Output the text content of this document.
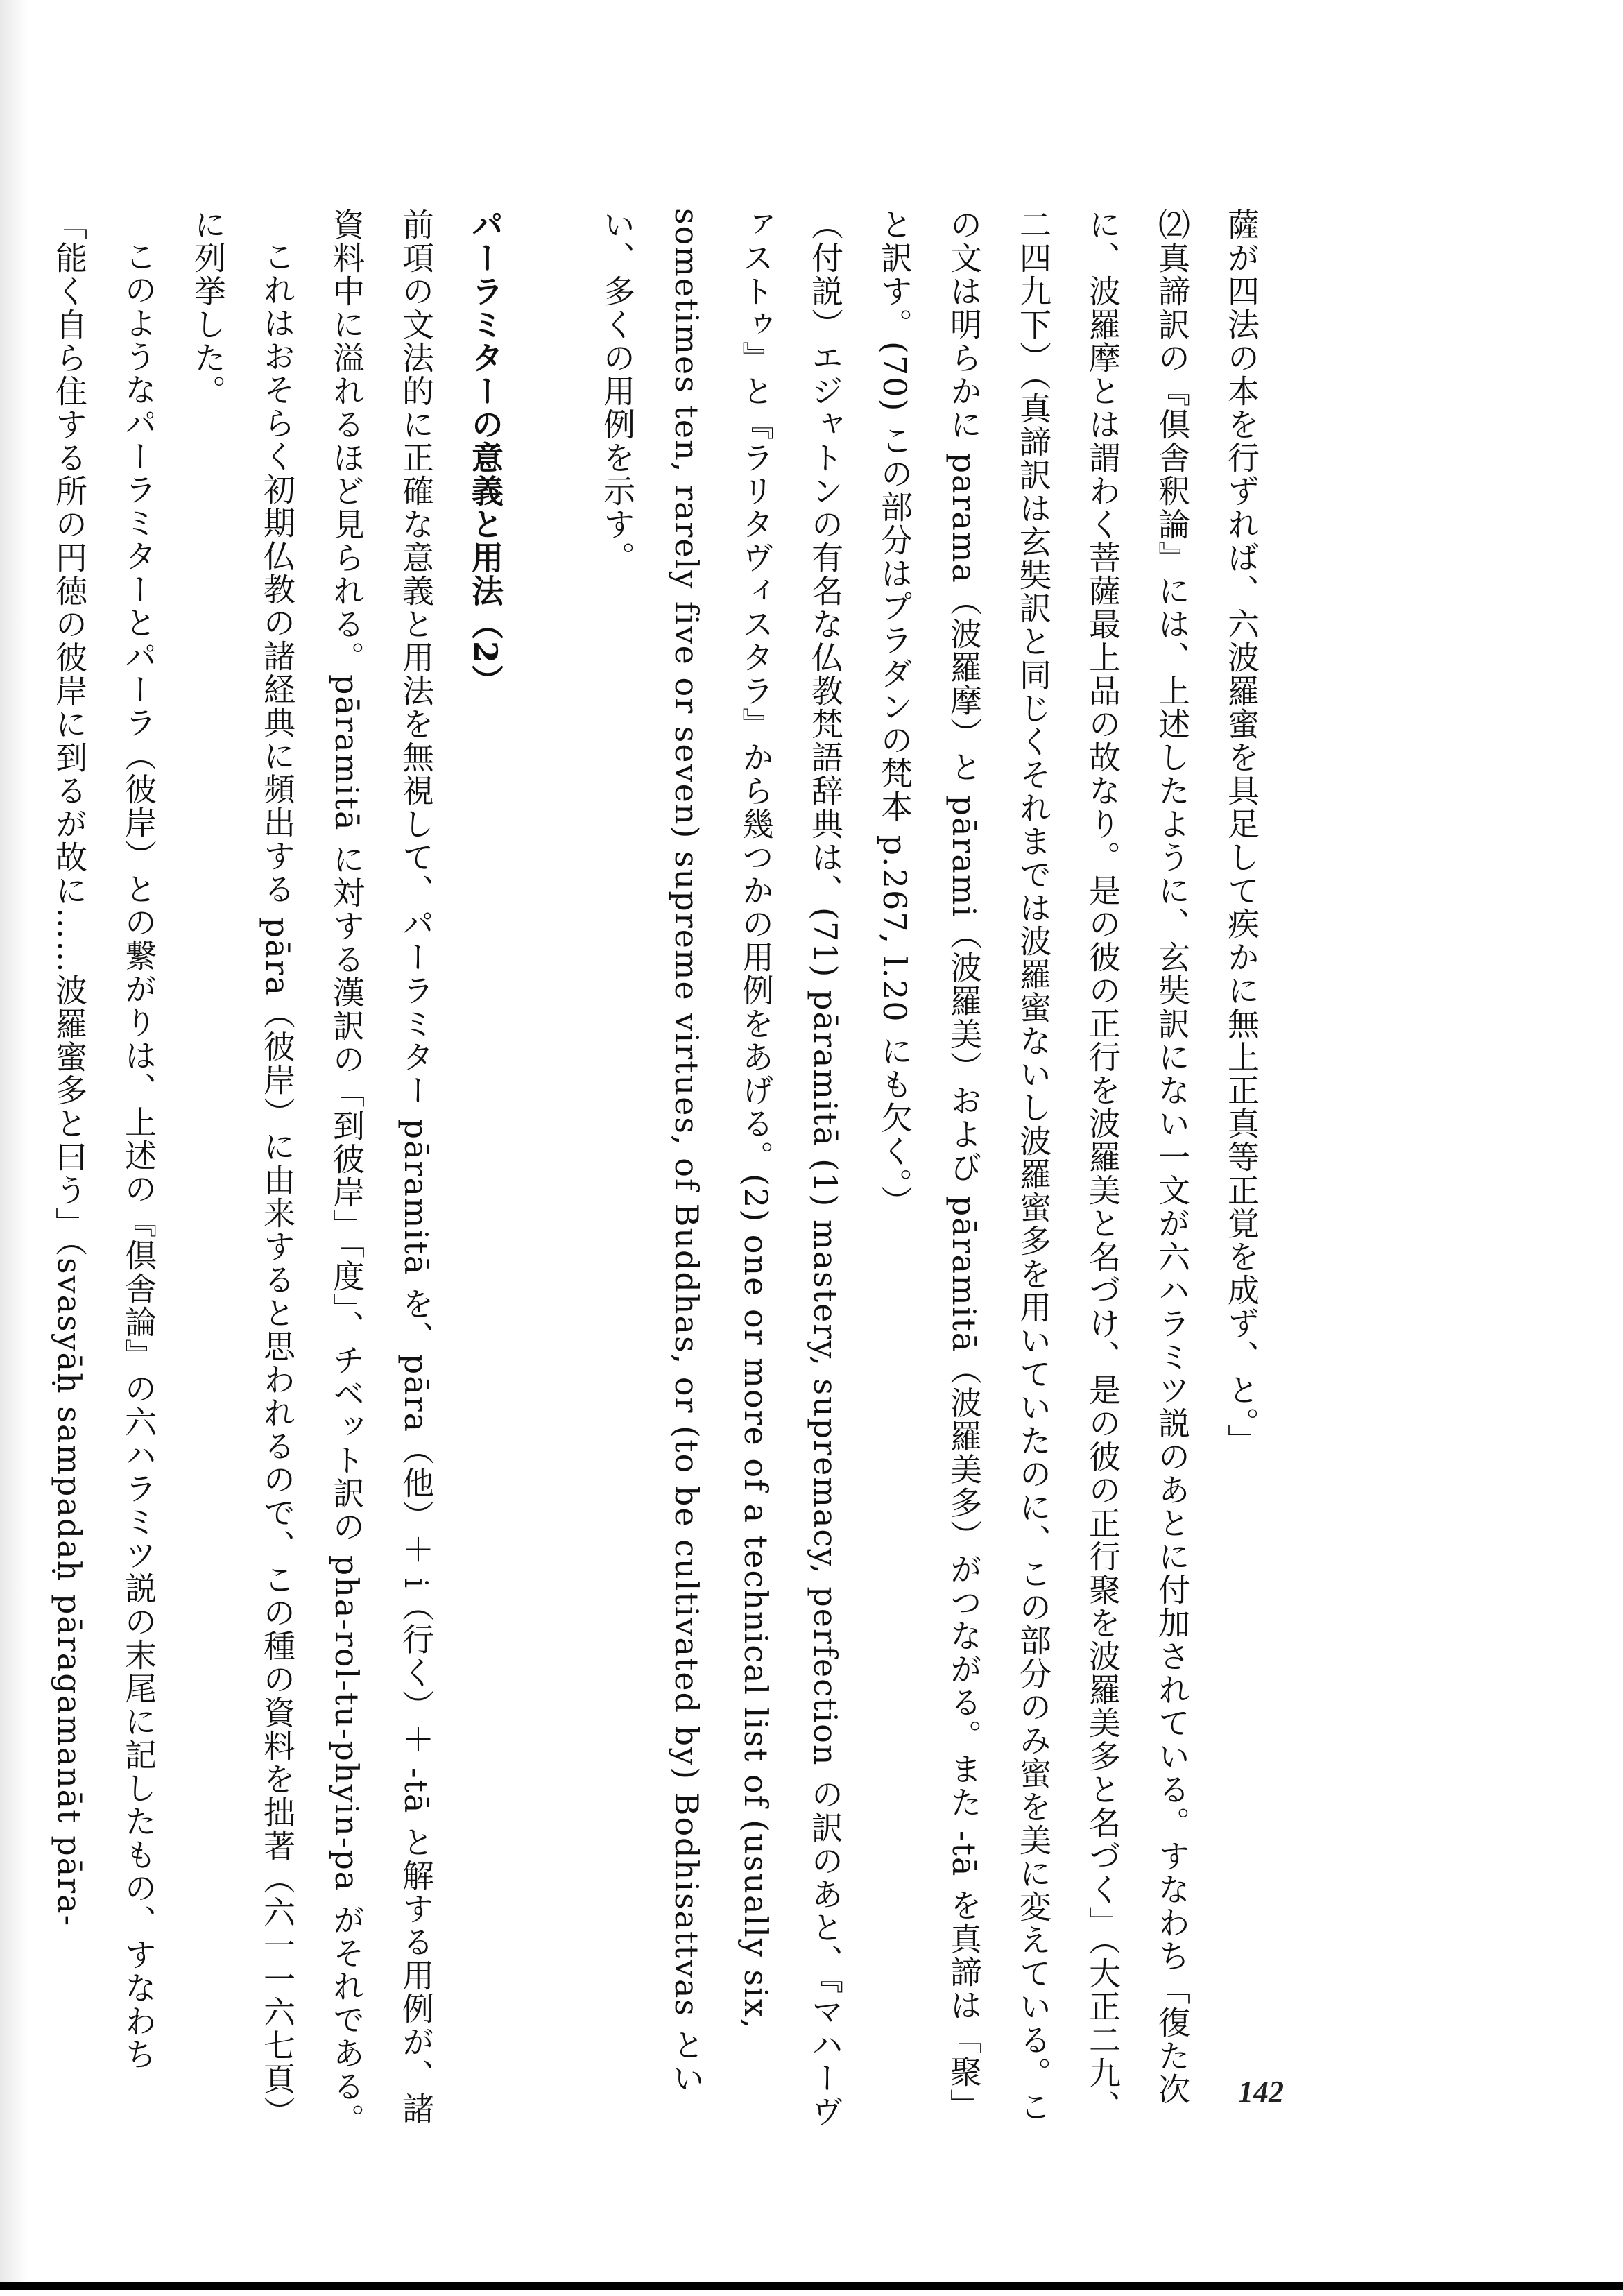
薩が四法の本を行ずれば、六波羅蜜を具足して疾かに無上正真等正覚を成ず、と。」

⑵真諦訳の『倶舎釈論』には、上述したように、玄奘訳にない一文が六ハラミツ説のあとに付加されている。すなわち「復た次に、波羅摩とは謂わく菩薩最上品の故なり。是の彼の正行を波羅美と名づけ、是の彼の正行聚を波羅美多と名づく」（大正二九、二四九下）（真諦訳は玄奘訳と同じくそれまでは波羅蜜ないし波羅蜜多を用いていたのに、この部分のみ蜜を美に変えている。この文は明らかに parama（波羅摩）と pārami（波羅美）および pāramitā（波羅美多）がつながる。また -tā を真諦は「聚」と訳す。(70) この部分はプラダンの梵本 p.267, l.20 にも欠く。）

（付説）エジャトンの有名な仏教梵語辞典は、(71) pāramitā (1) mastery, supremacy, perfection の訳のあと、『マハーヴァストゥ』と『ラリタヴィスタラ』から幾つかの用例をあげる。(2) one or more of a technical list of (usually six, sometimes ten, rarely five or seven) supreme virtues, of Buddhas, or (to be cultivated by) Bodhisattvas といい、多くの用例を示す。

パーラミターの意義と用法（2）

前項の文法的に正確な意義と用法を無視して、パーラミター pāramitā を、pāra（他）＋ i（行く）＋ -tā と解する用例が、諸資料中に溢れるほど見られる。pāramitā に対する漢訳の「到彼岸」「度」、チベット訳の pha-rol-tu-phyin-pa がそれである。

これはおそらく初期仏教の諸経典に頻出する pāra（彼岸）に由来すると思われるので、この種の資料を拙著（六一一六七頁）に列挙した。

このようなパーラミターとパーラ（彼岸）との繋がりは、上述の『倶舎論』の六ハラミツ説の末尾に記したもの、すなわち「能く自ら住する所の円徳の彼岸に到るが故に……波羅蜜多と曰う」（svasyāḥ sampadaḥ pāragamanāt pāra-

142
